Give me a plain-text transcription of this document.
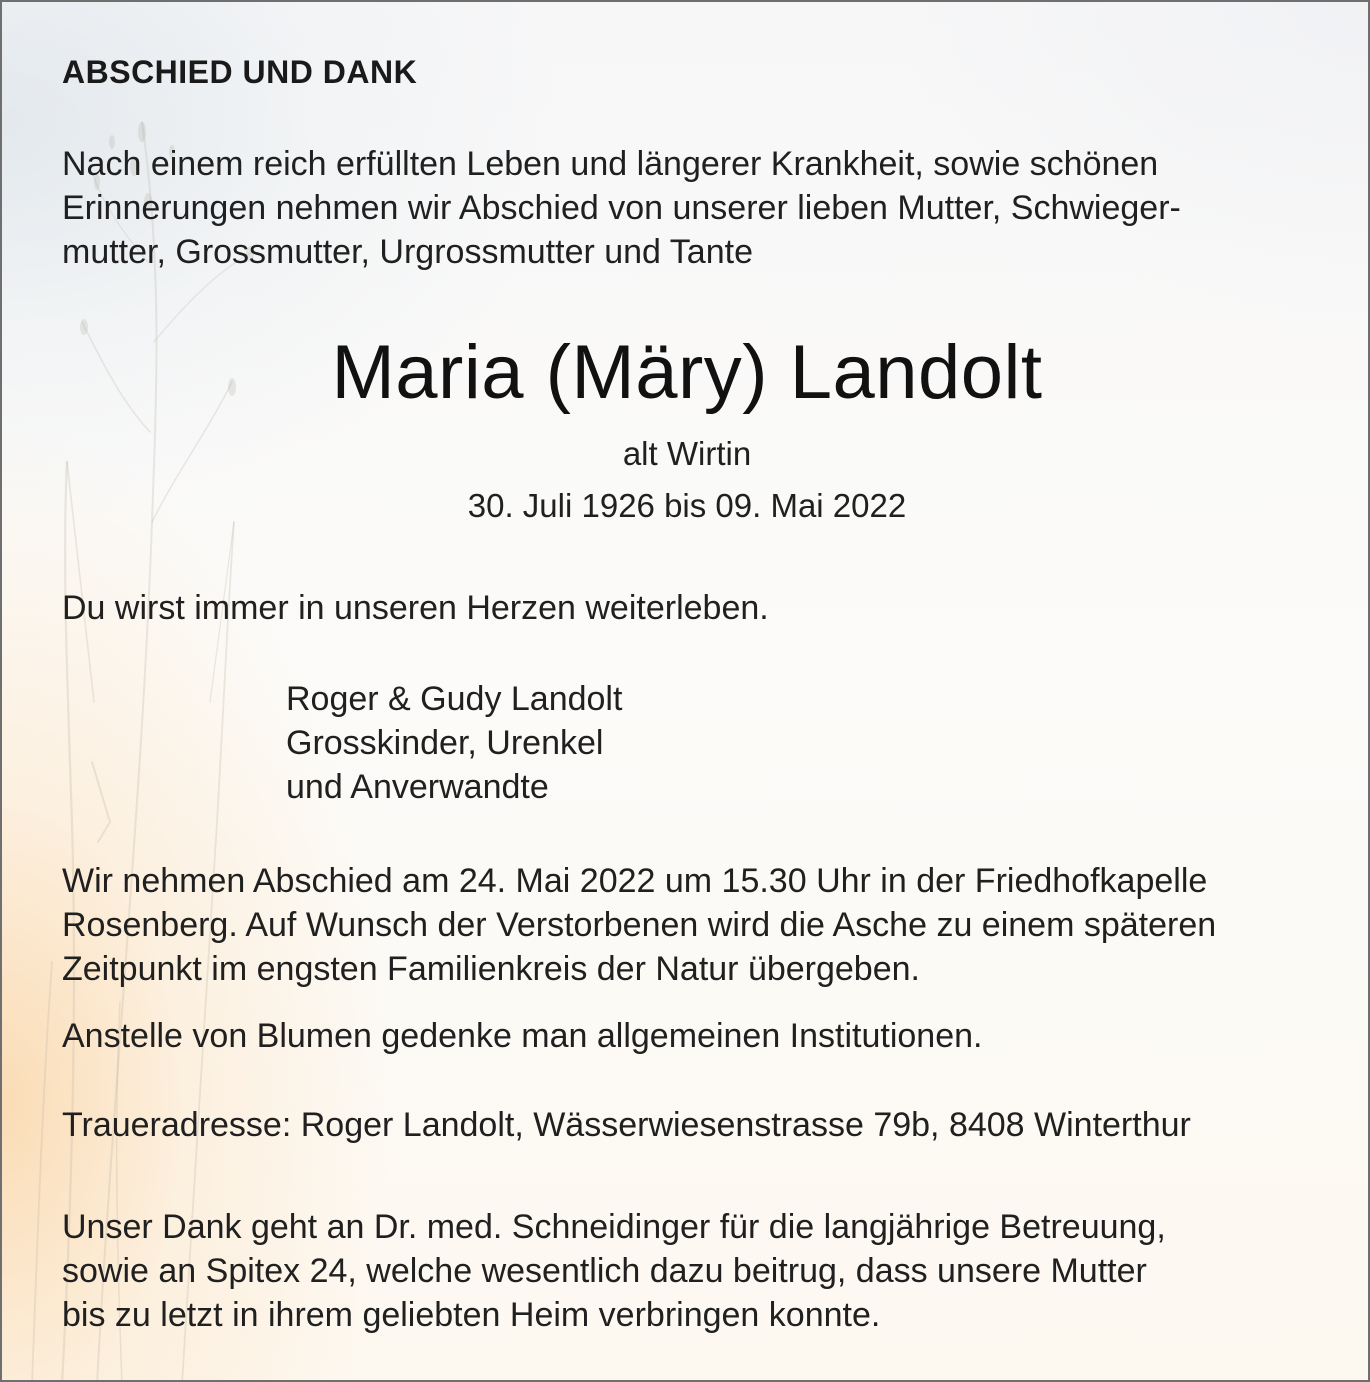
ABSCHIED UND DANK

Nach einem reich erfüllten Leben und längerer Krankheit, sowie schönen
Erinnerungen nehmen wir Abschied von unserer lieben Mutter, Schwieger-
mutter, Grossmutter, Urgrossmutter und Tante

Maria (Märy) Landolt

alt Wirtin

30. Juli 1926 bis 09. Mai 2022

Du wirst immer in unseren Herzen weiterleben.

Roger & Gudy Landolt
Grosskinder, Urenkel
und Anverwandte

Wir nehmen Abschied am 24. Mai 2022 um 15.30 Uhr in der Friedhofkapelle
Rosenberg. Auf Wunsch der Verstorbenen wird die Asche zu einem späteren
Zeitpunkt im engsten Familienkreis der Natur übergeben.

Anstelle von Blumen gedenke man allgemeinen Institutionen.

Traueradresse: Roger Landolt, Wässerwiesenstrasse 79b, 8408 Winterthur

Unser Dank geht an Dr. med. Schneidinger für die langjährige Betreuung,
sowie an Spitex 24, welche wesentlich dazu beitrug, dass unsere Mutter
bis zu letzt in ihrem geliebten Heim verbringen konnte.
